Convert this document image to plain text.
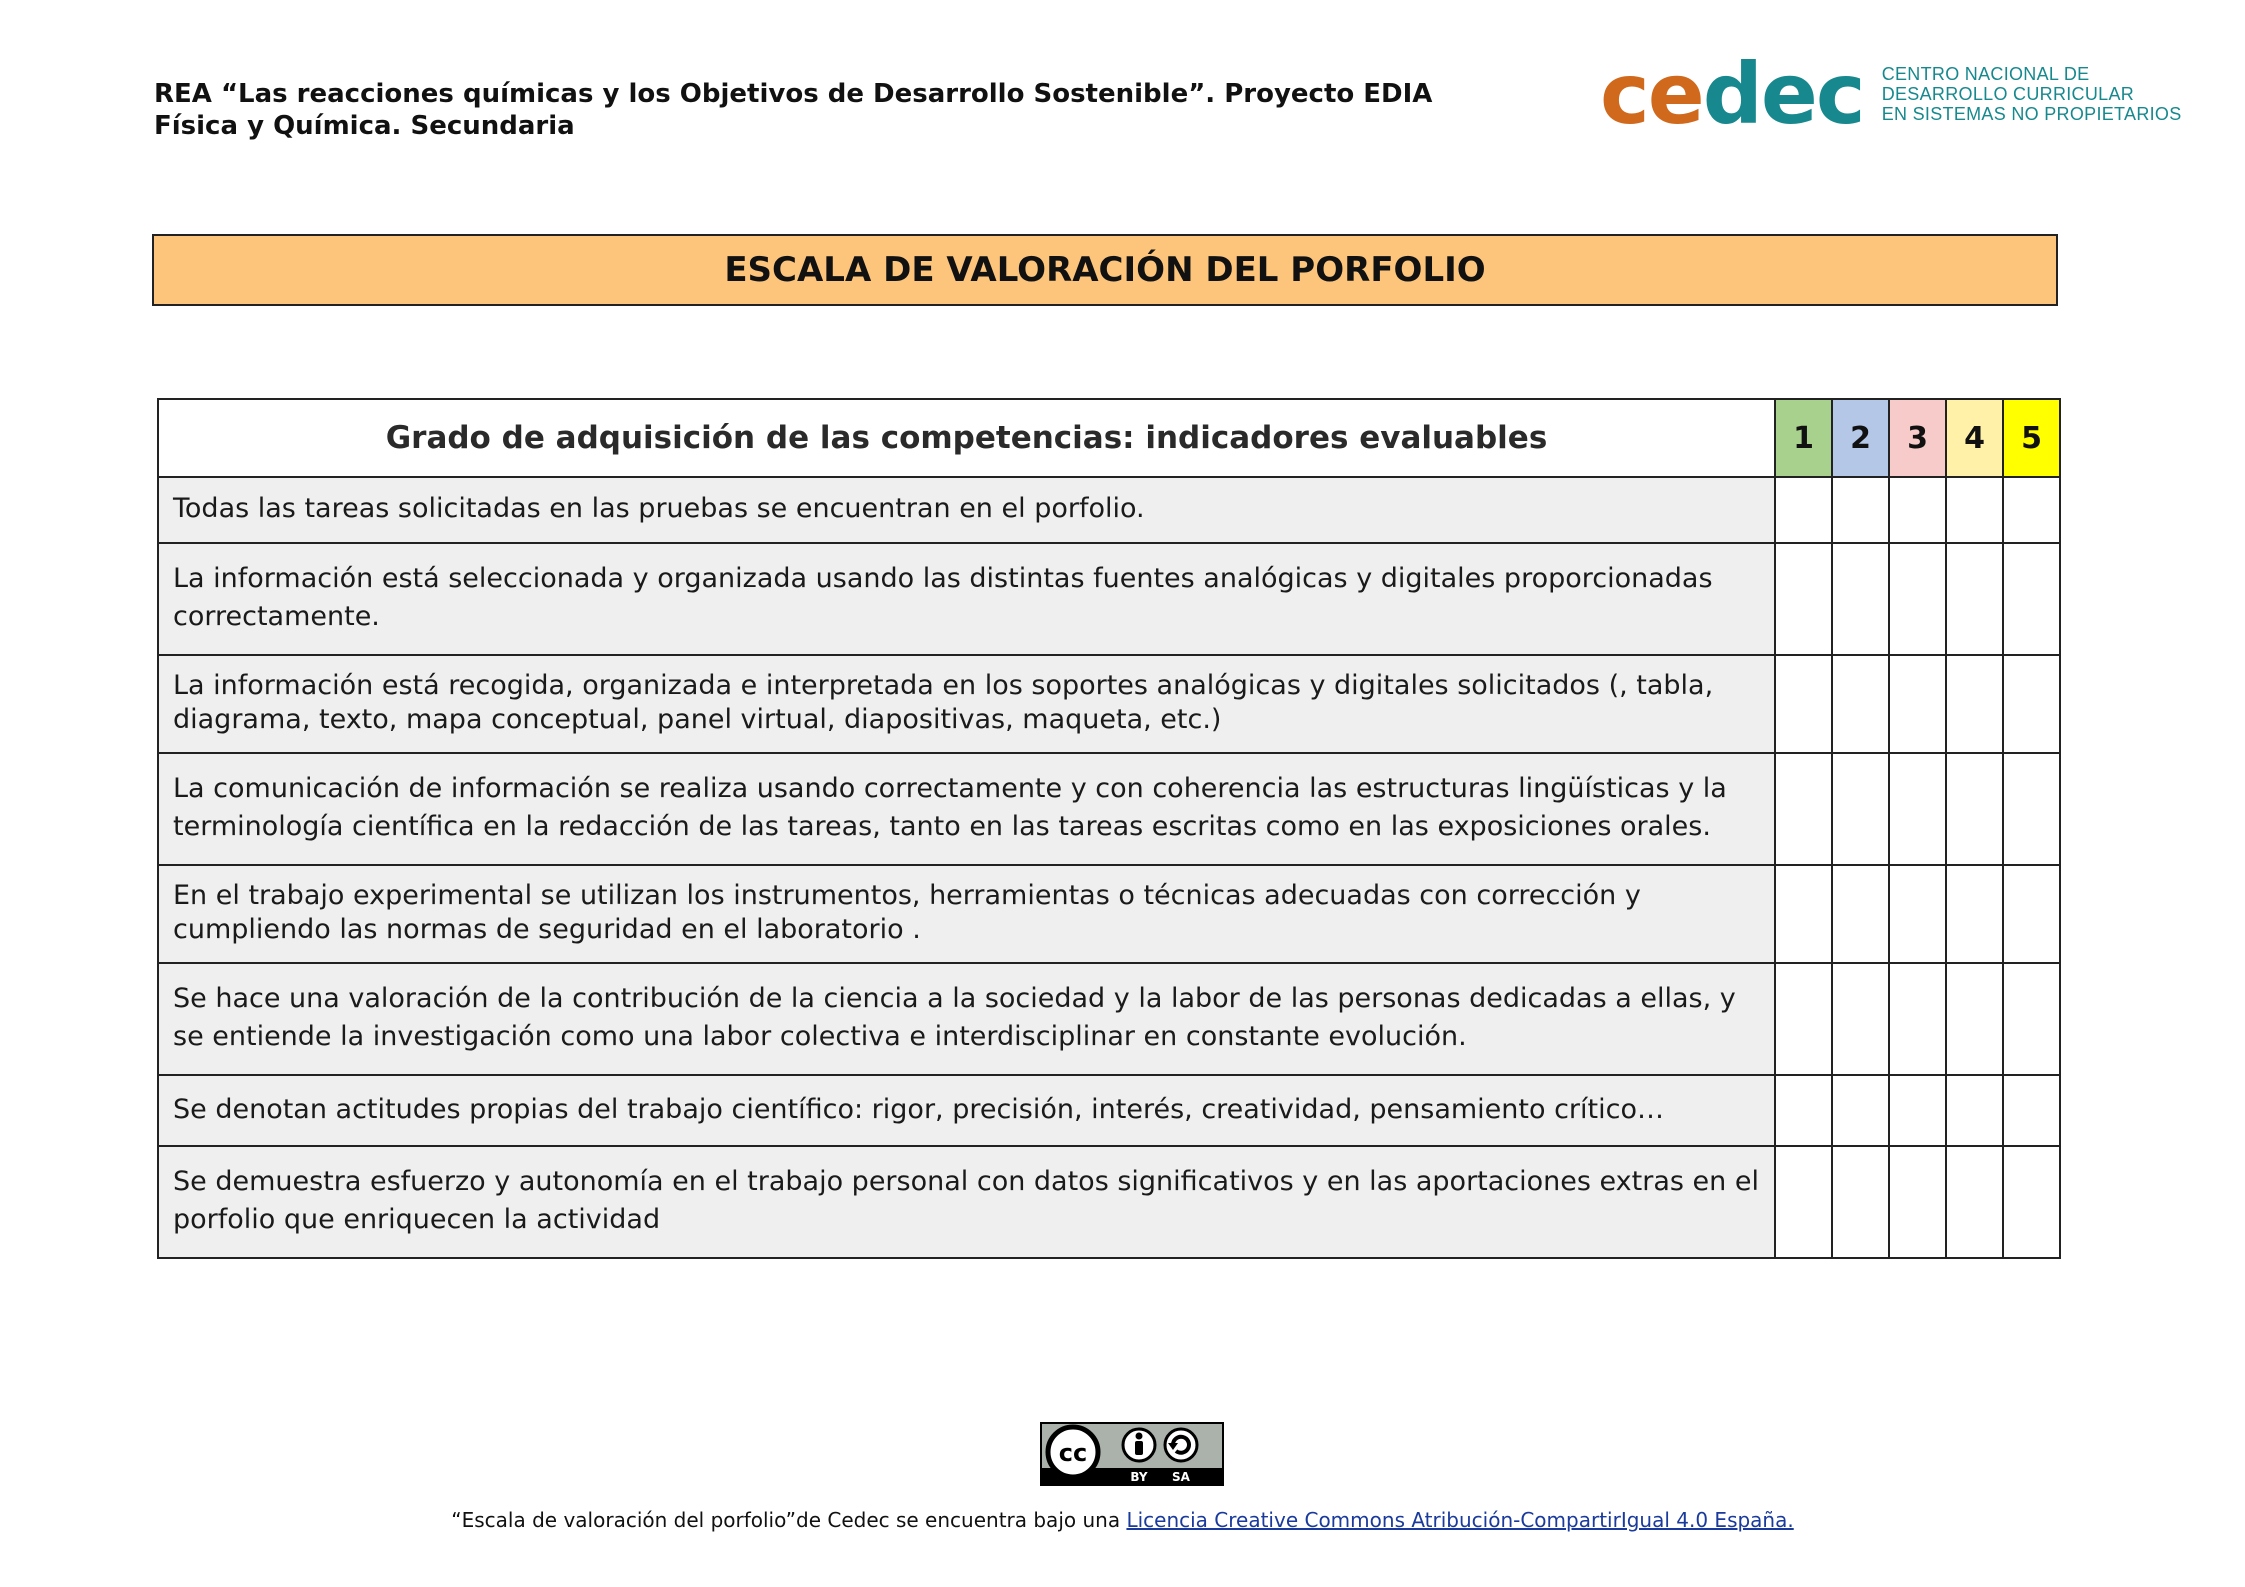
REA “Las reacciones químicas y los Objetivos de Desarrollo Sostenible”. Proyecto EDIA
Física y Química. Secundaria	cedec CENTRO NACIONAL DE
DESARROLLO CURRICULAR
EN SISTEMAS NO PROPIETARIOS
ESCALA DE VALORACIÓN DEL PORFOLIO
Grado de adquisición de las competencias: indicadores evaluables	1	2	3	4	5
Todas las tareas solicitadas en las pruebas se encuentran en el porfolio.					
La información está seleccionada y organizada usando las distintas fuentes analógicas y digitales proporcionadas correctamente.					
La información está recogida, organizada e interpretada en los soportes analógicas y digitales solicitados (, tabla, diagrama, texto, mapa conceptual, panel virtual, diapositivas, maqueta, etc.)					
La comunicación de información se realiza usando correctamente y con coherencia las estructuras lingüísticas y la terminología científica en la redacción de las tareas, tanto en las tareas escritas como en las exposiciones orales.					
En el trabajo experimental se utilizan los instrumentos, herramientas o técnicas adecuadas con corrección y cumpliendo las normas de seguridad en el laboratorio .					
Se hace una valoración de la contribución de la ciencia a la sociedad y la labor de las personas dedicadas a ellas, y se entiende la investigación como una labor colectiva e interdisciplinar en constante evolución.					
Se denotan actitudes propias del trabajo científico: rigor, precisión, interés, creatividad, pensamiento crítico…					
Se demuestra esfuerzo y autonomía en el trabajo personal con datos significativos y en las aportaciones extras en el porfolio que enriquecen la actividad					
cc
BY SA
“Escala de valoración del porfolio”de Cedec se encuentra bajo una Licencia Creative Commons Atribución-CompartirIgual 4.0 España.
